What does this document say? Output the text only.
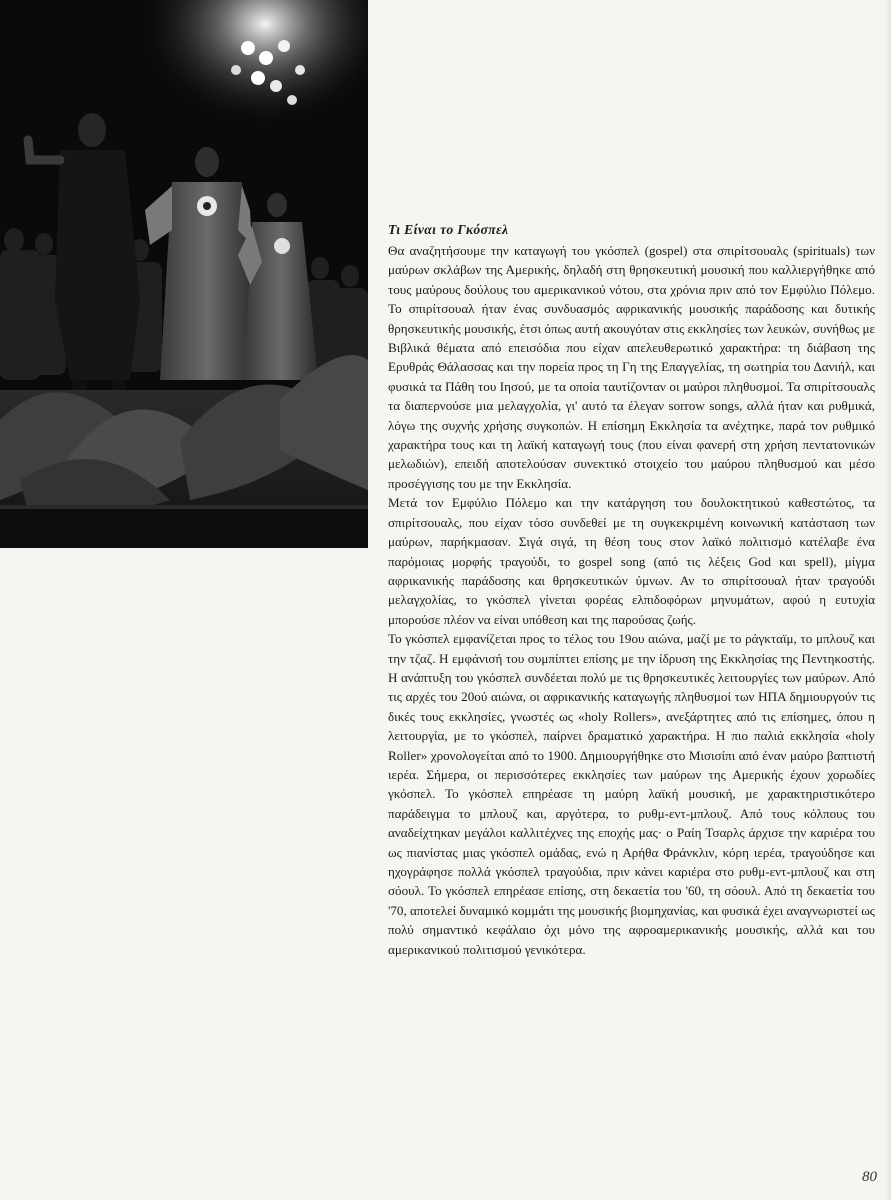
Τι Είναι το Γκόσπελ

Θα αναζητήσουμε την καταγωγή του γκόσπελ (gospel) στα σπιρίτσουαλς (spirituals) των μαύρων σκλάβων της Αμερικής, δηλαδή στη θρησκευτική μουσική που καλλιεργήθηκε από τους μαύρους δούλους του αμερικανικού νότου, στα χρόνια πριν από τον Εμφύλιο Πόλεμο. Το σπιρίτσουαλ ήταν ένας συνδυασμός αφρικανικής μουσικής παράδοσης και δυτικής θρησκευτικής μουσικής, έτσι όπως αυτή ακουγόταν στις εκκλησίες των λευκών, συνήθως με Βιβλικά θέματα από επεισόδια που είχαν απελευθερωτικό χαρακτήρα: τη διάβαση της Ερυθράς Θάλασσας και την πορεία προς τη Γη της Επαγγελίας, τη σωτηρία του Δανιήλ, και φυσικά τα Πάθη του Ιησού, με τα οποία ταυτίζονταν οι μαύροι πληθυσμοί. Τα σπιρίτσουαλς τα διαπερνούσε μια μελαγχολία, γι' αυτό τα έλεγαν sorrow songs, αλλά ήταν και ρυθμικά, λόγω της συχνής χρήσης συγκοπών. Η επίσημη Εκκλησία τα ανέχτηκε, παρά τον ρυθμικό χαρακτήρα τους και τη λαϊκή καταγωγή τους (που είναι φανερή στη χρήση πεντατονικών μελωδιών), επειδή αποτελούσαν συνεκτικό στοιχείο του μαύρου πληθυσμού και μέσο προσέγγισης του με την Εκκλησία.

Μετά τον Εμφύλιο Πόλεμο και την κατάργηση του δουλοκτητικού καθεστώτος, τα σπιρίτσουαλς, που είχαν τόσο συνδεθεί με τη συγκεκριμένη κοινωνική κατάσταση των μαύρων, παρήκμασαν. Σιγά σιγά, τη θέση τους στον λαϊκό πολιτισμό κατέλαβε ένα παρόμοιας μορφής τραγούδι, το gospel song (από τις λέξεις God και spell), μίγμα αφρικανικής παράδοσης και θρησκευτικών ύμνων. Αν το σπιρίτσουαλ ήταν τραγούδι μελαγχολίας, το γκόσπελ γίνεται φορέας ελπιδοφόρων μηνυμάτων, αφού η ευτυχία μπορούσε πλέον να είναι υπόθεση και της παρούσας ζωής.

Το γκόσπελ εμφανίζεται προς το τέλος του 19ου αιώνα, μαζί με το ράγκταϊμ, το μπλουζ και την τζαζ. Η εμφάνισή του συμπίπτει επίσης με την ίδρυση της Εκκλησίας της Πεντηκοστής. Η ανάπτυξη του γκόσπελ συνδέεται πολύ με τις θρησκευτικές λειτουργίες των μαύρων. Από τις αρχές του 20ού αιώνα, οι αφρικανικής καταγωγής πληθυσμοί των ΗΠΑ δημιουργούν τις δικές τους εκκλησίες, γνωστές ως «holy Rollers», ανεξάρτητες από τις επίσημες, όπου η λειτουργία, με το γκόσπελ, παίρνει δραματικό χαρακτήρα. Η πιο παλιά εκκλησία «holy Roller» χρονολογείται από το 1900. Δημιουργήθηκε στο Μισισίπι από έναν μαύρο βαπτιστή ιερέα. Σήμερα, οι περισσότερες εκκλησίες των μαύρων της Αμερικής έχουν χορωδίες γκόσπελ. Το γκόσπελ επηρέασε τη μαύρη λαϊκή μουσική, με χαρακτηριστικότερο παράδειγμα το μπλουζ και, αργότερα, το ρυθμ-εντ-μπλουζ. Από τους κόλπους του αναδείχτηκαν μεγάλοι καλλιτέχνες της εποχής μας· ο Ραίη Τσαρλς άρχισε την καριέρα του ως πιανίστας μιας γκόσπελ ομάδας, ενώ η Αρήθα Φράνκλιν, κόρη ιερέα, τραγούδησε και ηχογράφησε πολλά γκόσπελ τραγούδια, πριν κάνει καριέρα στο ρυθμ-εντ-μπλουζ και στη σόουλ. Το γκόσπελ επηρέασε επίσης, στη δεκαετία του '60, τη σόουλ. Από τη δεκαετία του '70, αποτελεί δυναμικό κομμάτι της μουσικής βιομηχανίας, και φυσικά έχει αναγνωριστεί ως πολύ σημαντικό κεφάλαιο όχι μόνο της αφροαμερικανικής μουσικής, αλλά και του αμερικανικού πολιτισμού γενικότερα.

80
